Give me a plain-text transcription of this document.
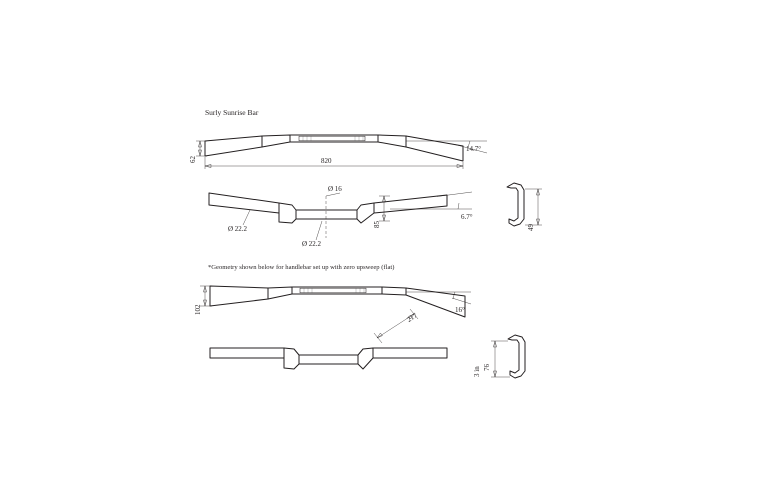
Surly Sunrise Bar
14.7°
820
62
Ø 16
Ø 22.2
Ø 22.2
85
6.7°
49
*Geometry shown below for handlebar set up with zero upsweep (flat)
16°
217
102
76
3 in
